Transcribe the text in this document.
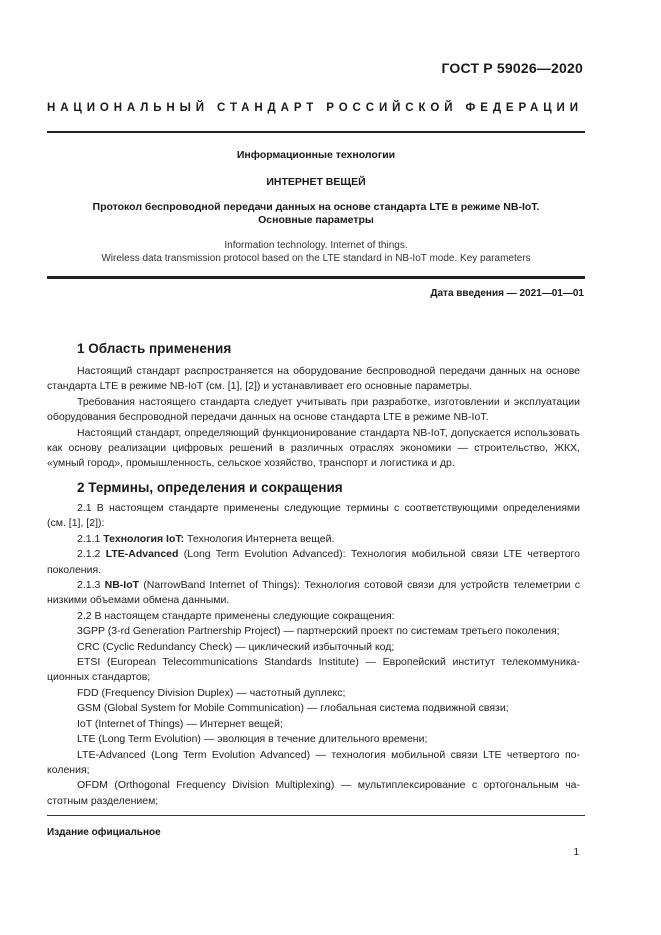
ГОСТ Р 59026—2020
НАЦИОНАЛЬНЫЙ СТАНДАРТ РОССИЙСКОЙ ФЕДЕРАЦИИ
Информационные технологии
ИНТЕРНЕТ ВЕЩЕЙ
Протокол беспроводной передачи данных на основе стандарта LTE в режиме NB-IoT.
Основные параметры
Information technology. Internet of things.
Wireless data transmission protocol based on the LTE standard in NB-IoT mode. Key parameters
Дата введения — 2021—01—01
1 Область применения

Настоящий стандарт распространяется на оборудование беспроводной передачи данных на основе стандарта LTE в режиме NB-IoT (см. [1], [2]) и устанавливает его основные параметры.

Требования настоящего стандарта следует учитывать при разработке, изготовлении и эксплуатации оборудования беспроводной передачи данных на основе стандарта LTE в режиме NB-IoT.

Настоящий стандарт, определяющий функционирование стандарта NB-IoT, допускается использовать как основу реализации цифровых решений в различных отраслях экономики — строительство, ЖКХ, «умный город», промышленность, сельское хозяйство, транспорт и логистика и др.

2 Термины, определения и сокращения

2.1 В настоящем стандарте применены следующие термины с соответствующими определениями (см. [1], [2]):

2.1.1 Технология IoT: Технология Интернета вещей.

2.1.2 LTE-Advanced (Long Term Evolution Advanced): Технология мобильной связи LTE четвертого поколения.

2.1.3 NB-IoT (NarrowBand Internet of Things): Технология сотовой связи для устройств телеметрии с низкими объемами обмена данными.

2.2 В настоящем стандарте применены следующие сокращения:

3GPP (3-rd Generation Partnership Project) — партнерский проект по системам третьего поколения;

CRC (Cyclic Redundancy Check) — циклический избыточный код;

ETSI (European Telecommunications Standards Institute) — Европейский институт телекоммуникационных стандартов;

FDD (Frequency Division Duplex) — частотный дуплекс;

GSM (Global System for Mobile Communication) — глобальная система подвижной связи;

IoT (Internet of Things) — Интернет вещей;

LTE (Long Term Evolution) — эволюция в течение длительного времени;

LTE-Advanced (Long Term Evolution Advanced) — технология мобильной связи LTE четвертого поколения;

OFDM (Orthogonal Frequency Division Multiplexing) — мультиплексирование с ортогональным частотным разделением;

Издание официальное
1
